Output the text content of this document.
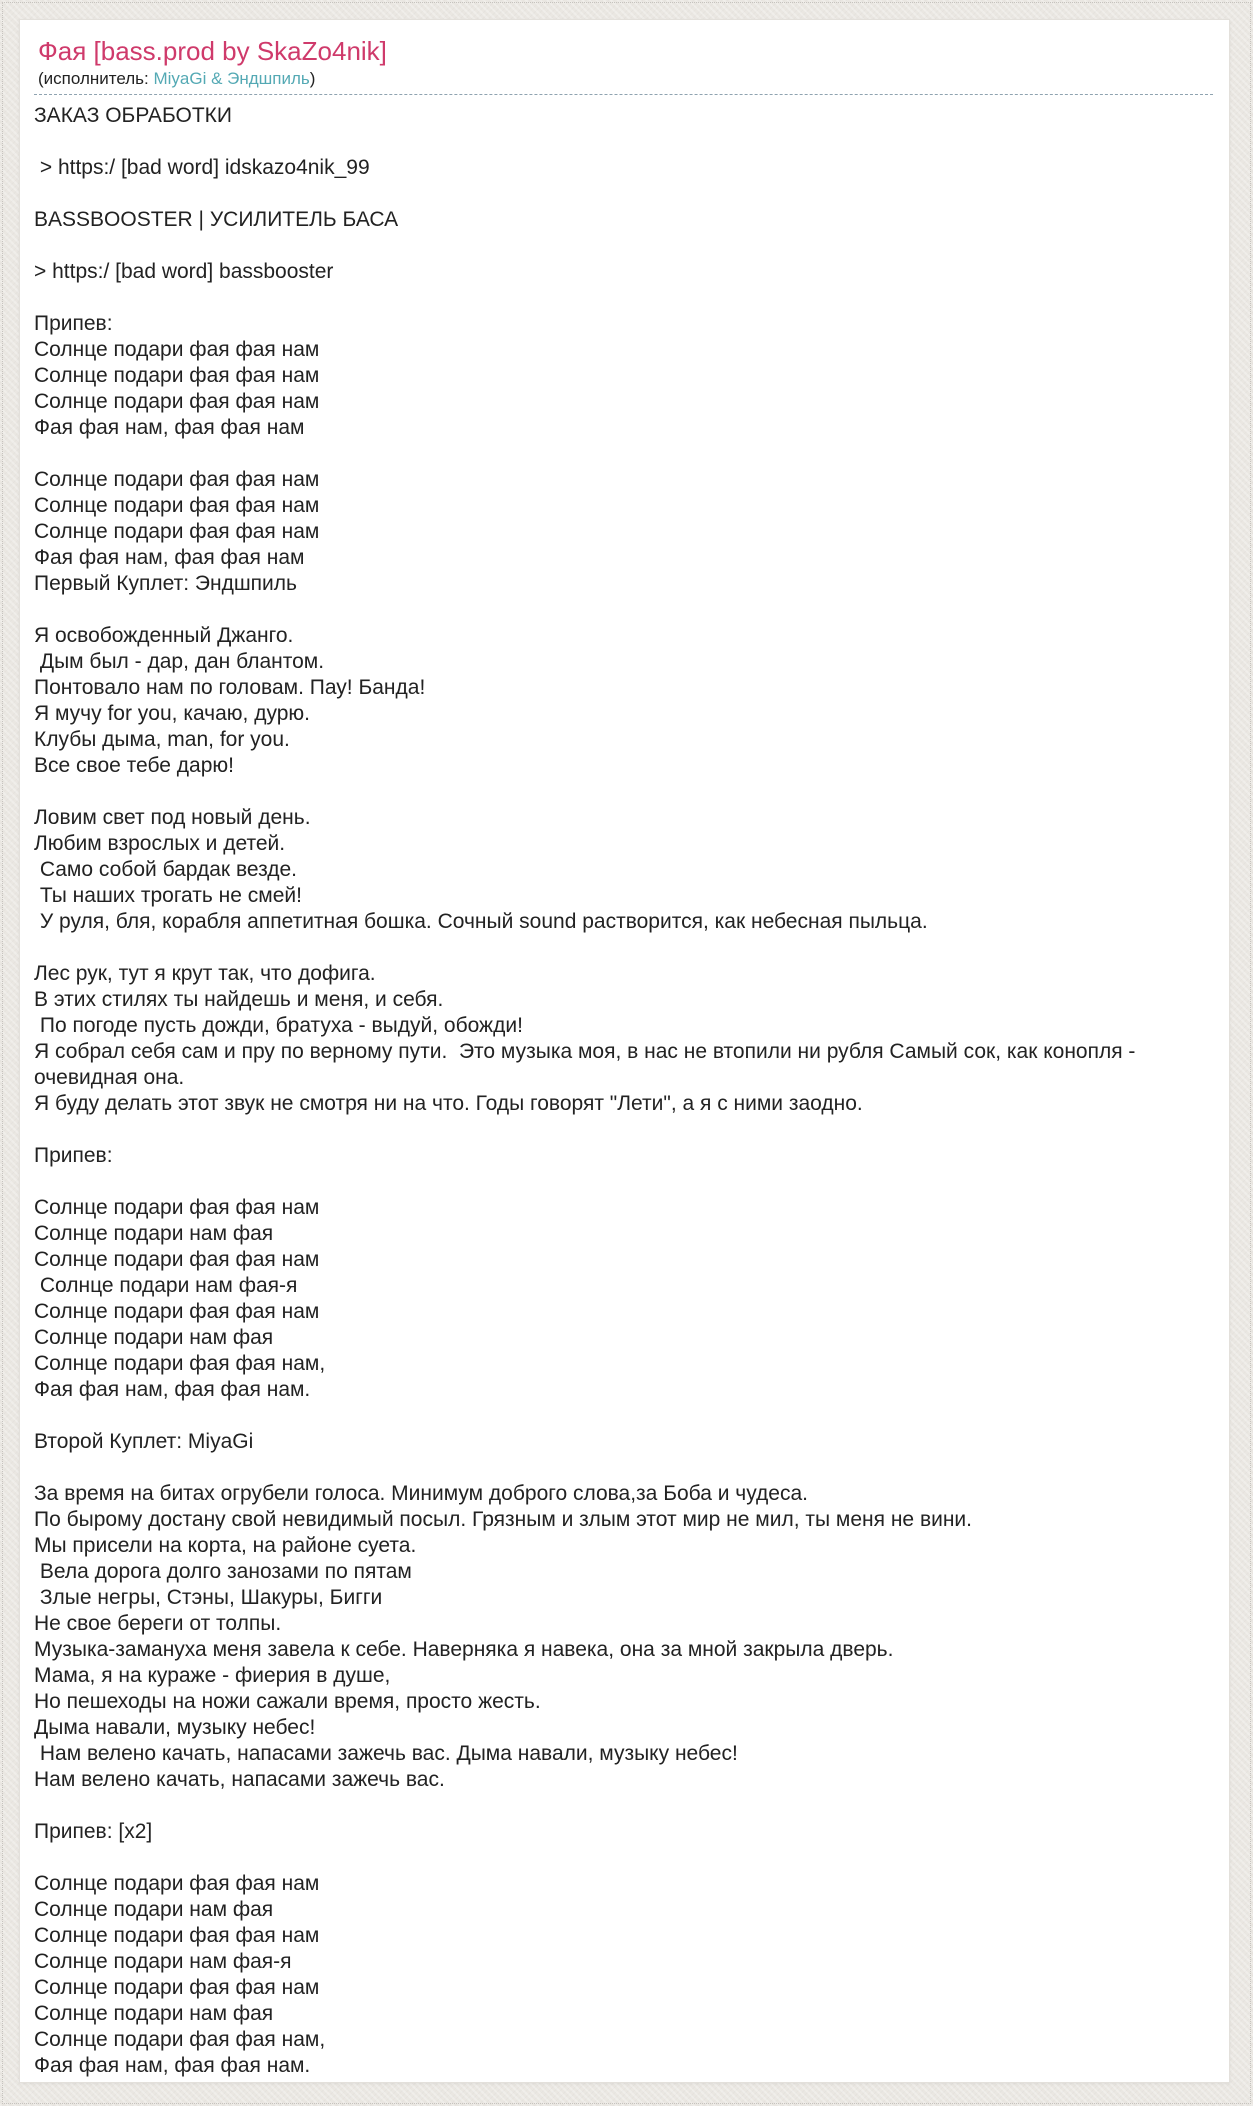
Фая [bass.prod by SkaZo4nik]
(исполнитель: MiyaGi & Эндшпиль)
ЗАКАЗ ОБРАБОТКИ
> https:/ [bad word] idskazo4nik_99
BASSBOOSTER | УСИЛИТЕЛЬ БАСА
> https:/ [bad word] bassbooster
Припев:
Солнце подари фая фая нам
Солнце подари фая фая нам
Солнце подари фая фая нам
Фая фая нам, фая фая нам
Солнце подари фая фая нам
Солнце подари фая фая нам
Солнце подари фая фая нам
Фая фая нам, фая фая нам
Первый Куплет: Эндшпиль
Я освобожденный Джанго.
Дым был - дар, дан блантом.
Понтовало нам по головам. Пау! Банда!
Я мучу for you, качаю, дурю.
Клубы дыма, man, for you.
Все свое тебе дарю!
Ловим свет под новый день.
Любим взрослых и детей.
Само собой бардак везде.
Ты наших трогать не смей!
У руля, бля, корабля аппетитная бошка. Сочный sound растворится, как небесная пыльца.
Лес рук, тут я крут так, что дофига.
В этих стилях ты найдешь и меня, и себя.
По погоде пусть дожди, братуха - выдуй, обожди!
Я собрал себя сам и пру по верному пути.  Это музыка моя, в нас не втопили ни рубля Самый сок, как конопля - очевидная она.
Я буду делать этот звук не смотря ни на что. Годы говорят "Лети", а я с ними заодно.
Припев:
Солнце подари фая фая нам
Солнце подари нам фая
Солнце подари фая фая нам
Солнце подари нам фая-я
Солнце подари фая фая нам
Солнце подари нам фая
Солнце подари фая фая нам,
Фая фая нам, фая фая нам.
Второй Куплет: MiyaGi
За время на битах огрубели голоса. Минимум доброго слова,за Боба и чудеса.
По бырому достану свой невидимый посыл. Грязным и злым этот мир не мил, ты меня не вини.
Мы присели на корта, на районе суета.
Вела дорога долго занозами по пятам
Злые негры, Стэны, Шакуры, Бигги
Не свое береги от толпы.
Музыка-замануха меня завела к себе. Наверняка я навека, она за мной закрыла дверь.
Мама, я на кураже - фиерия в душе,
Но пешеходы на ножи сажали время, просто жесть.
Дыма навали, музыку небес!
Нам велено качать, напасами зажечь вас. Дыма навали, музыку небес!
Нам велено качать, напасами зажечь вас.
Припев: [x2]
Солнце подари фая фая нам
Солнце подари нам фая
Солнце подари фая фая нам
Солнце подари нам фая-я
Солнце подари фая фая нам
Солнце подари нам фая
Солнце подари фая фая нам,
Фая фая нам, фая фая нам.
